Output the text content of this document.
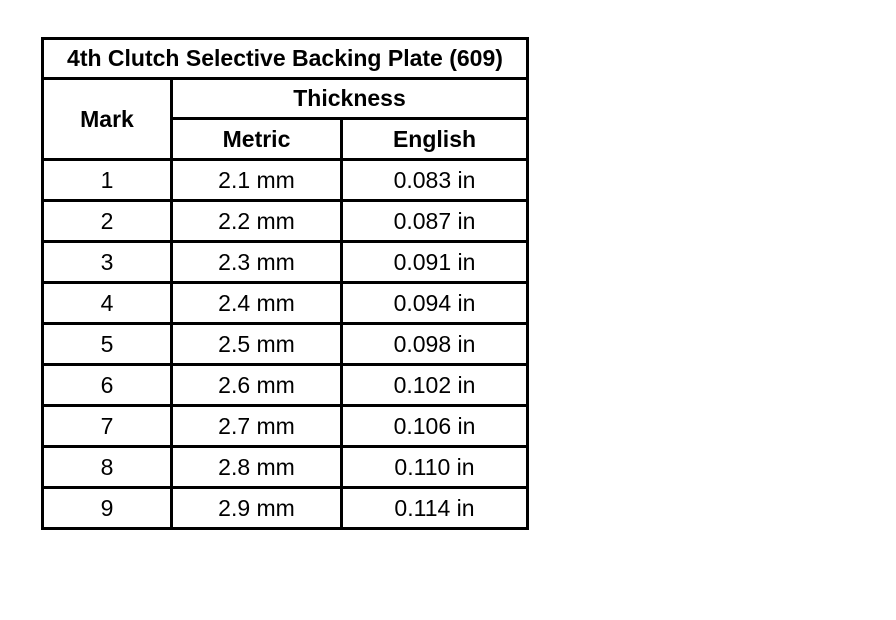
4th Clutch Selective Backing Plate (609)		
Mark	Thickness	
	Metric	English
1	2.1 mm	0.083 in
2	2.2 mm	0.087 in
3	2.3 mm	0.091 in
4	2.4 mm	0.094 in
5	2.5 mm	0.098 in
6	2.6 mm	0.102 in
7	2.7 mm	0.106 in
8	2.8 mm	0.110 in
9	2.9 mm	0.114 in
